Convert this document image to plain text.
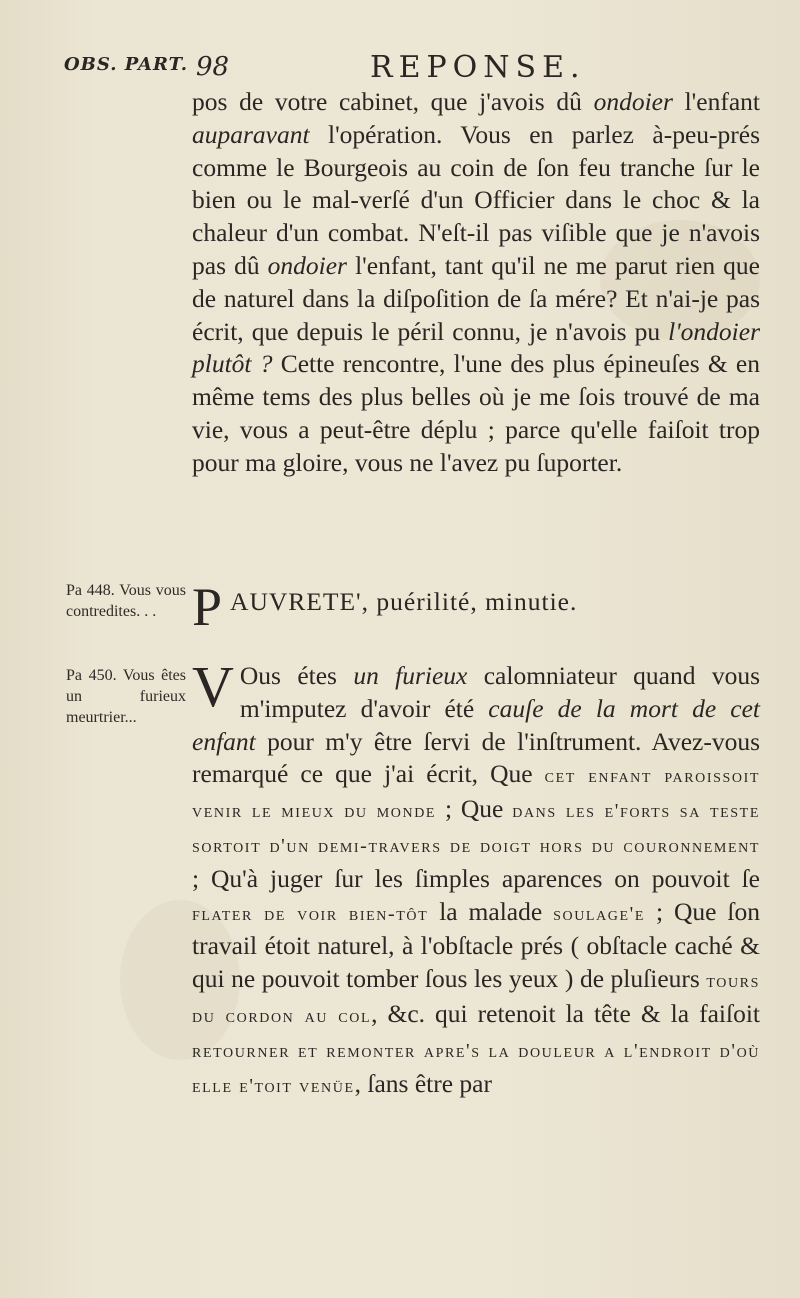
OBS. PART. 98	REPONSE.
pos de votre cabinet, que j'avois dû ondoier l'enfant auparavant l'opération. Vous en parlez à-peu-prés comme le Bourgeois au coin de ſon feu tranche ſur le bien ou le mal-verſé d'un Officier dans le choc & la chaleur d'un combat. N'eſt-il pas viſible que je n'avois pas dû ondoier l'enfant, tant qu'il ne me parut rien que de naturel dans la diſpoſition de ſa mére? Et n'ai-je pas écrit, que depuis le péril connu, je n'avois pu l'ondoier plutôt ? Cette rencontre, l'une des plus épineuſes & en même tems des plus belles où je me ſois trouvé de ma vie, vous a peut-être déplu ; parce qu'elle faiſoit trop pour ma gloire, vous ne l'avez pu ſuporter.
P AUVRETE', puérilité, minutie.
V Ous étes un furieux calomniateur quand vous m'imputez d'avoir été cauſe de la mort de cet enfant pour m'y être ſervi de l'inſtrument. Avez-vous remarqué ce que j'ai écrit, Que cet enfant paroissoit venir le mieux du monde ; Que dans les e'forts sa teste sortoit d'un demi-travers de doigt hors du couronnement ; Qu'à juger ſur les ſimples aparences on pouvoit ſe flater de voir bien-tôt la malade soulage'e ; Que ſon travail étoit naturel, à l'obſtacle prés ( obſtacle caché & qui ne pouvoit tomber ſous les yeux ) de pluſieurs tours du cordon au col, &c. qui retenoit la tête & la faiſoit retourner et remonter apre's la douleur a l'endroit d'où elle e'toit venüe, ſans être par
Pa 448. Vous vous contredites. . .
Pa 450. Vous êtes un furieux meurtrier...
